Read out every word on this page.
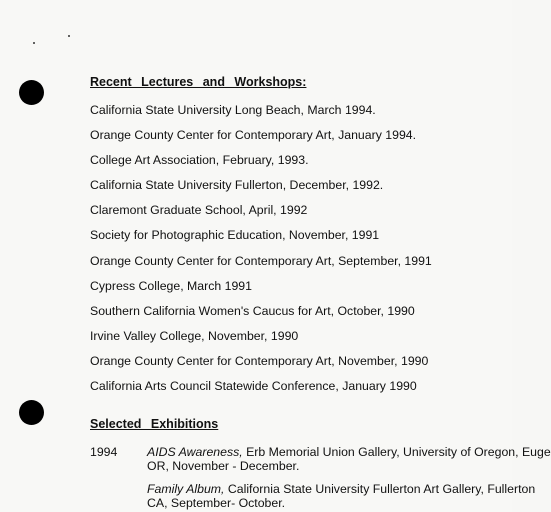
Recent Lectures and Workshops:
California State University Long Beach, March 1994.
Orange County Center for Contemporary Art, January 1994.
College Art Association, February, 1993.
California State University Fullerton, December, 1992.
Claremont Graduate School, April, 1992
Society for Photographic Education, November, 1991
Orange County Center for Contemporary Art, September, 1991
Cypress College, March 1991
Southern California Women's Caucus for Art, October, 1990
Irvine Valley College, November, 1990
Orange County Center for Contemporary Art, November, 1990
California Arts Council Statewide Conference, January 1990
Selected Exhibitions
1994 AIDS Awareness, Erb Memorial Union Gallery, University of Oregon, Euge
OR, November - December.
Family Album, California State University Fullerton Art Gallery, Fullerton
CA, September- October.
